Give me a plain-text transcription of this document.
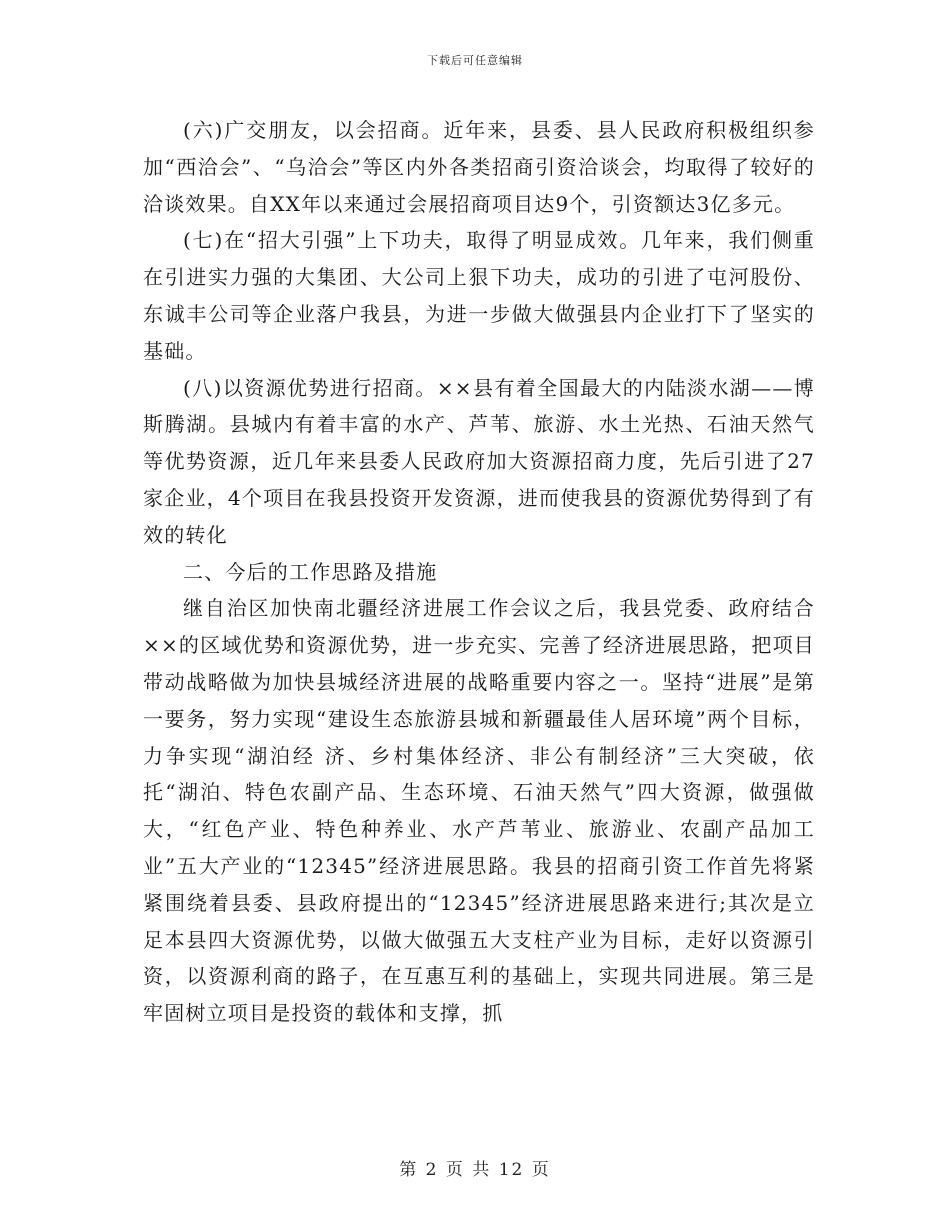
下载后可任意编辑

(六)广交朋友，以会招商。近年来，县委、县人民政府积极组织参加“西洽会”、“乌洽会”等区内外各类招商引资洽谈会，均取得了较好的洽谈效果。自XX年以来通过会展招商项目达9个，引资额达3亿多元。

(七)在“招大引强”上下功夫，取得了明显成效。几年来，我们侧重在引进实力强的大集团、大公司上狠下功夫，成功的引进了屯河股份、东诚丰公司等企业落户我县，为进一步做大做强县内企业打下了坚实的基础。

(八)以资源优势进行招商。××县有着全国最大的内陆淡水湖——博斯腾湖。县城内有着丰富的水产、芦苇、旅游、水土光热、石油天然气等优势资源，近几年来县委人民政府加大资源招商力度，先后引进了27家企业，4个项目在我县投资开发资源，进而使我县的资源优势得到了有效的转化

二、今后的工作思路及措施

继自治区加快南北疆经济进展工作会议之后，我县党委、政府结合××的区域优势和资源优势，进一步充实、完善了经济进展思路，把项目带动战略做为加快县城经济进展的战略重要内容之一。坚持“进展”是第一要务，努力实现“建设生态旅游县城和新疆最佳人居环境”两个目标，力争实现“湖泊经 济、乡村集体经济、非公有制经济”三大突破，依托“湖泊、特色农副产品、生态环境、石油天然气”四大资源，做强做大，“红色产业、特色种养业、水产芦苇业、旅游业、农副产品加工业”五大产业的“12345”经济进展思路。我县的招商引资工作首先将紧紧围绕着县委、县政府提出的“12345”经济进展思路来进行;其次是立足本县四大资源优势，以做大做强五大支柱产业为目标，走好以资源引资，以资源利商的路子，在互惠互利的基础上，实现共同进展。第三是牢固树立项目是投资的载体和支撑，抓

第 2 页 共 12 页
